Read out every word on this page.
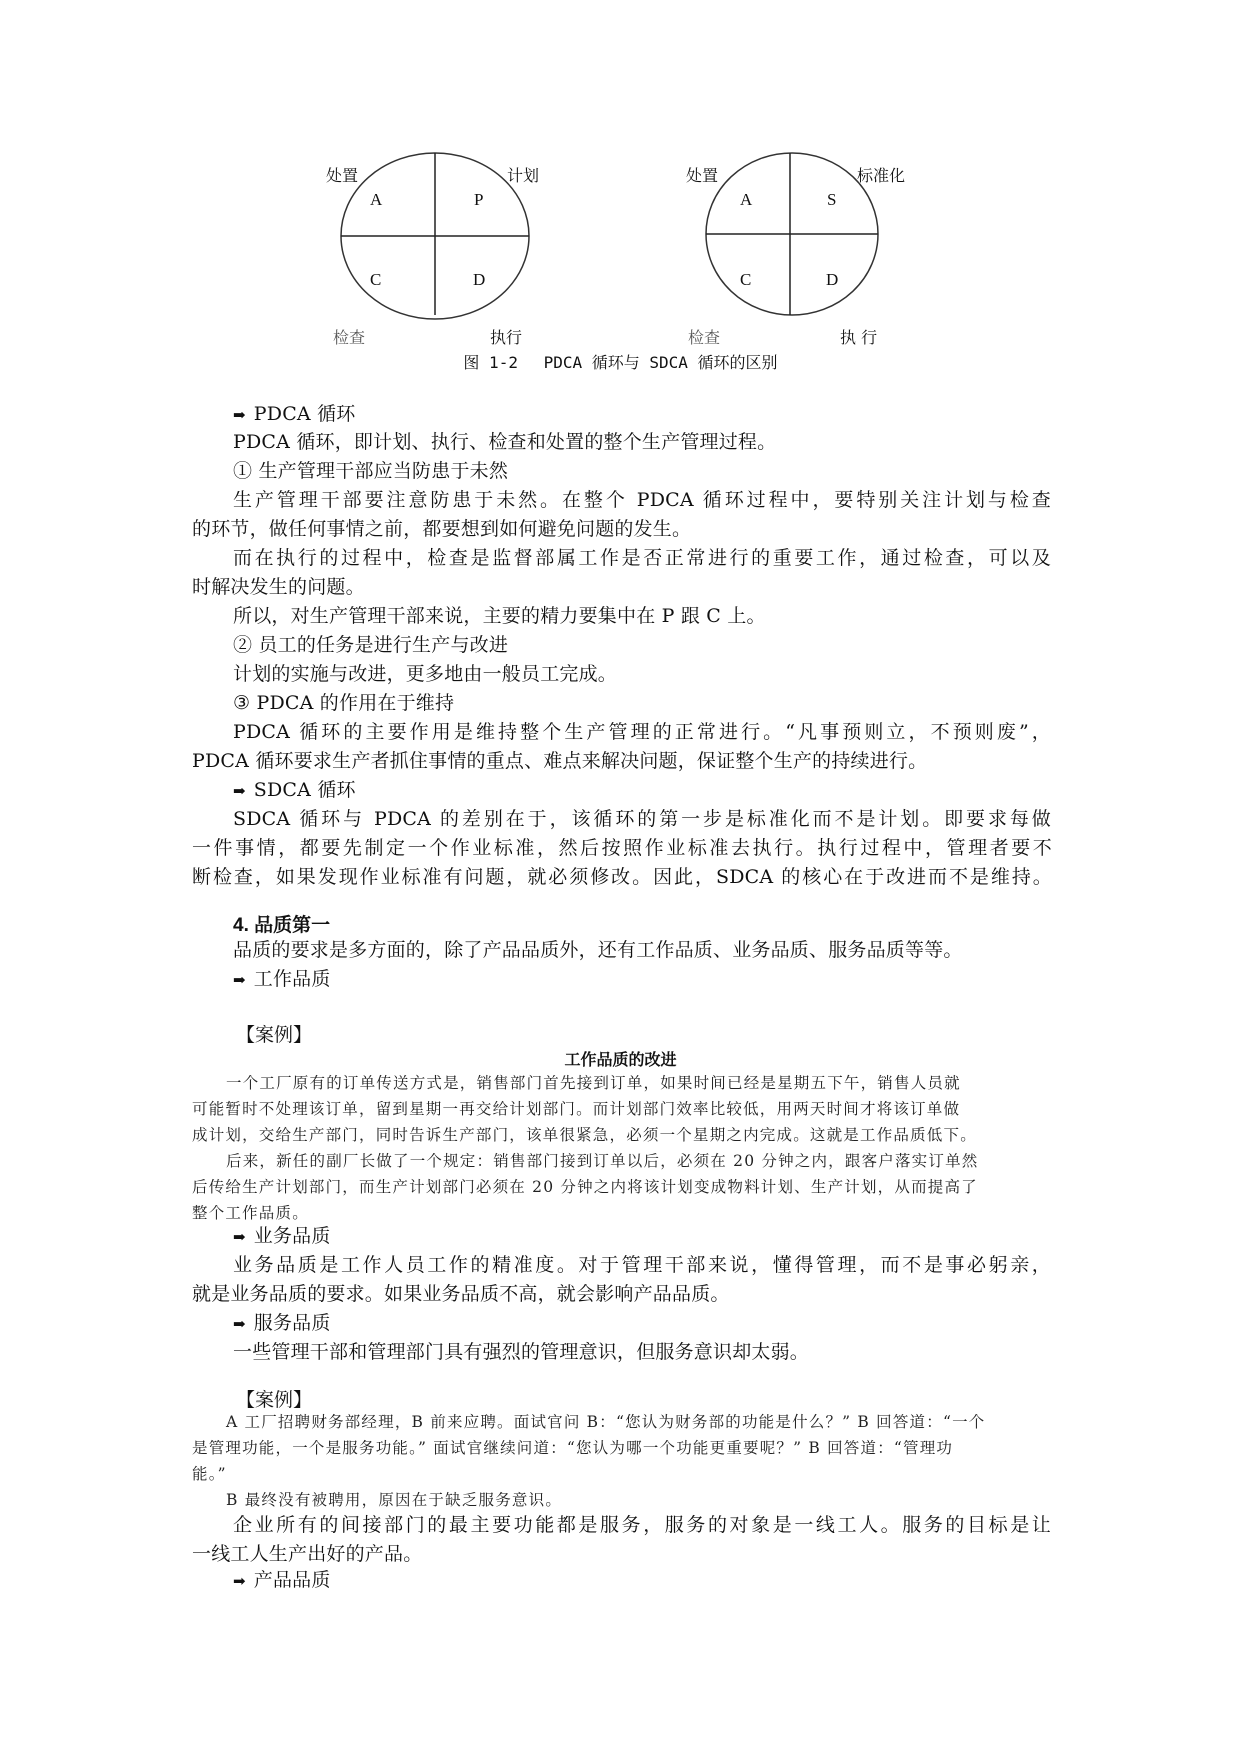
处置	计划
检查	执行
A	P
C	D
处置	标准化
检查	执 行
A	S
C	D
图 1-2　 PDCA 循环与 SDCA 循环的区别
➡ PDCA 循环
PDCA 循环，即计划、执行、检查和处置的整个生产管理过程。
① 生产管理干部应当防患于未然
生产管理干部要注意防患于未然。在整个 PDCA 循环过程中，要特别关注计划与检查
的环节，做任何事情之前，都要想到如何避免问题的发生。
而在执行的过程中，检查是监督部属工作是否正常进行的重要工作，通过检查，可以及
时解决发生的问题。
所以，对生产管理干部来说，主要的精力要集中在 P 跟 C 上。
② 员工的任务是进行生产与改进
计划的实施与改进，更多地由一般员工完成。
③ PDCA 的作用在于维持
PDCA 循环的主要作用是维持整个生产管理的正常进行。“凡事预则立，不预则废”，
PDCA 循环要求生产者抓住事情的重点、难点来解决问题，保证整个生产的持续进行。
➡ SDCA 循环
SDCA 循环与 PDCA 的差别在于，该循环的第一步是标准化而不是计划。即要求每做
一件事情，都要先制定一个作业标准，然后按照作业标准去执行。执行过程中，管理者要不
断检查，如果发现作业标准有问题，就必须修改。因此，SDCA 的核心在于改进而不是维持。
4. 品质第一
品质的要求是多方面的，除了产品品质外，还有工作品质、业务品质、服务品质等等。
➡ 工作品质
【案例】
工作品质的改进
一个工厂原有的订单传送方式是，销售部门首先接到订单，如果时间已经是星期五下午，销售人员就
可能暂时不处理该订单，留到星期一再交给计划部门。而计划部门效率比较低，用两天时间才将该订单做
成计划，交给生产部门，同时告诉生产部门，该单很紧急，必须一个星期之内完成。这就是工作品质低下。
后来，新任的副厂长做了一个规定：销售部门接到订单以后，必须在 20 分钟之内，跟客户落实订单然
后传给生产计划部门，而生产计划部门必须在 20 分钟之内将该计划变成物料计划、生产计划，从而提高了
整个工作品质。
➡ 业务品质
业务品质是工作人员工作的精准度。对于管理干部来说，懂得管理，而不是事必躬亲，
就是业务品质的要求。如果业务品质不高，就会影响产品品质。
➡ 服务品质
一些管理干部和管理部门具有强烈的管理意识，但服务意识却太弱。
【案例】
A 工厂招聘财务部经理，B 前来应聘。面试官问 B：“您认为财务部的功能是什么？” B 回答道：“一个
是管理功能，一个是服务功能。” 面试官继续问道：“您认为哪一个功能更重要呢？” B 回答道：“管理功
能。”
B 最终没有被聘用，原因在于缺乏服务意识。
企业所有的间接部门的最主要功能都是服务，服务的对象是一线工人。服务的目标是让
一线工人生产出好的产品。
➡ 产品品质
